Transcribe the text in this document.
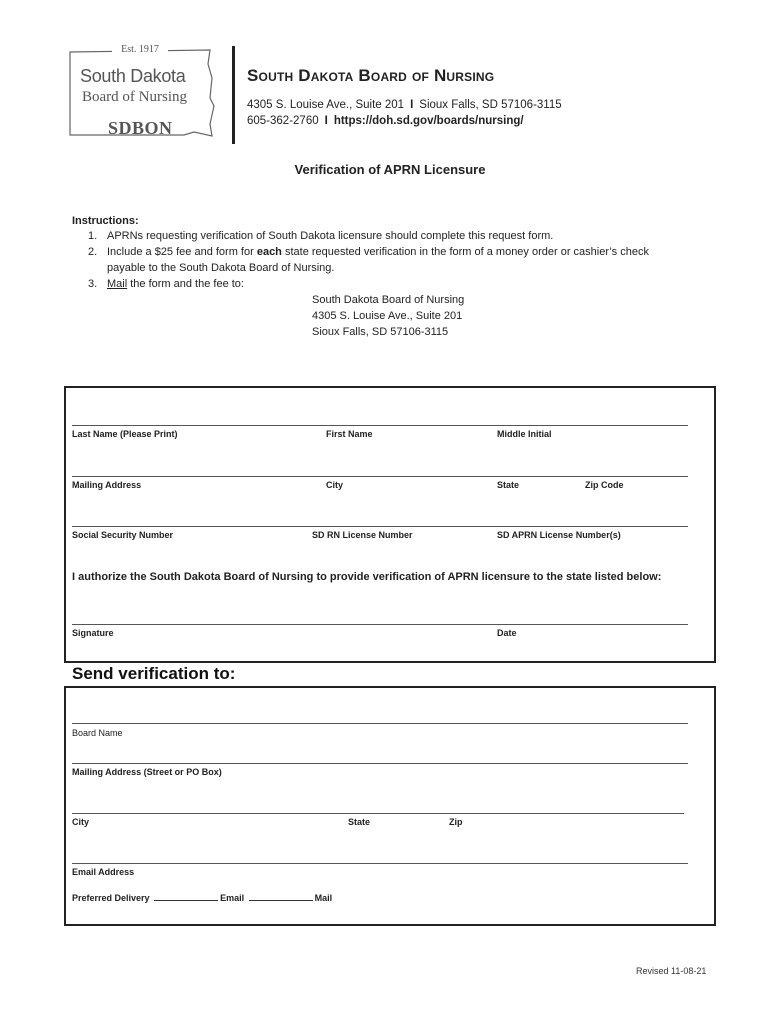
Est. 1917
South Dakota
Board of Nursing
SDBON
South Dakota Board of Nursing
4305 S. Louise Ave., Suite 201 I Sioux Falls, SD 57106-3115
605-362-2760 I https://doh.sd.gov/boards/nursing/
Verification of APRN Licensure
Instructions:
1. APRNs requesting verification of South Dakota licensure should complete this request form.
2. Include a $25 fee and form for each state requested verification in the form of a money order or cashier’s check
payable to the South Dakota Board of Nursing.
3. Mail the form and the fee to:
South Dakota Board of Nursing
4305 S. Louise Ave., Suite 201
Sioux Falls, SD 57106-3115
Last Name (Please Print)	First Name	Middle Initial
Mailing Address	City	State	Zip Code
Social Security Number	SD RN License Number	SD APRN License Number(s)
I authorize the South Dakota Board of Nursing to provide verification of APRN licensure to the state listed below:
Signature	Date
Send verification to:
Board Name
Mailing Address (Street or PO Box)
City	State	Zip
Email Address
Preferred Delivery	Email	Mail
Revised 11-08-21
